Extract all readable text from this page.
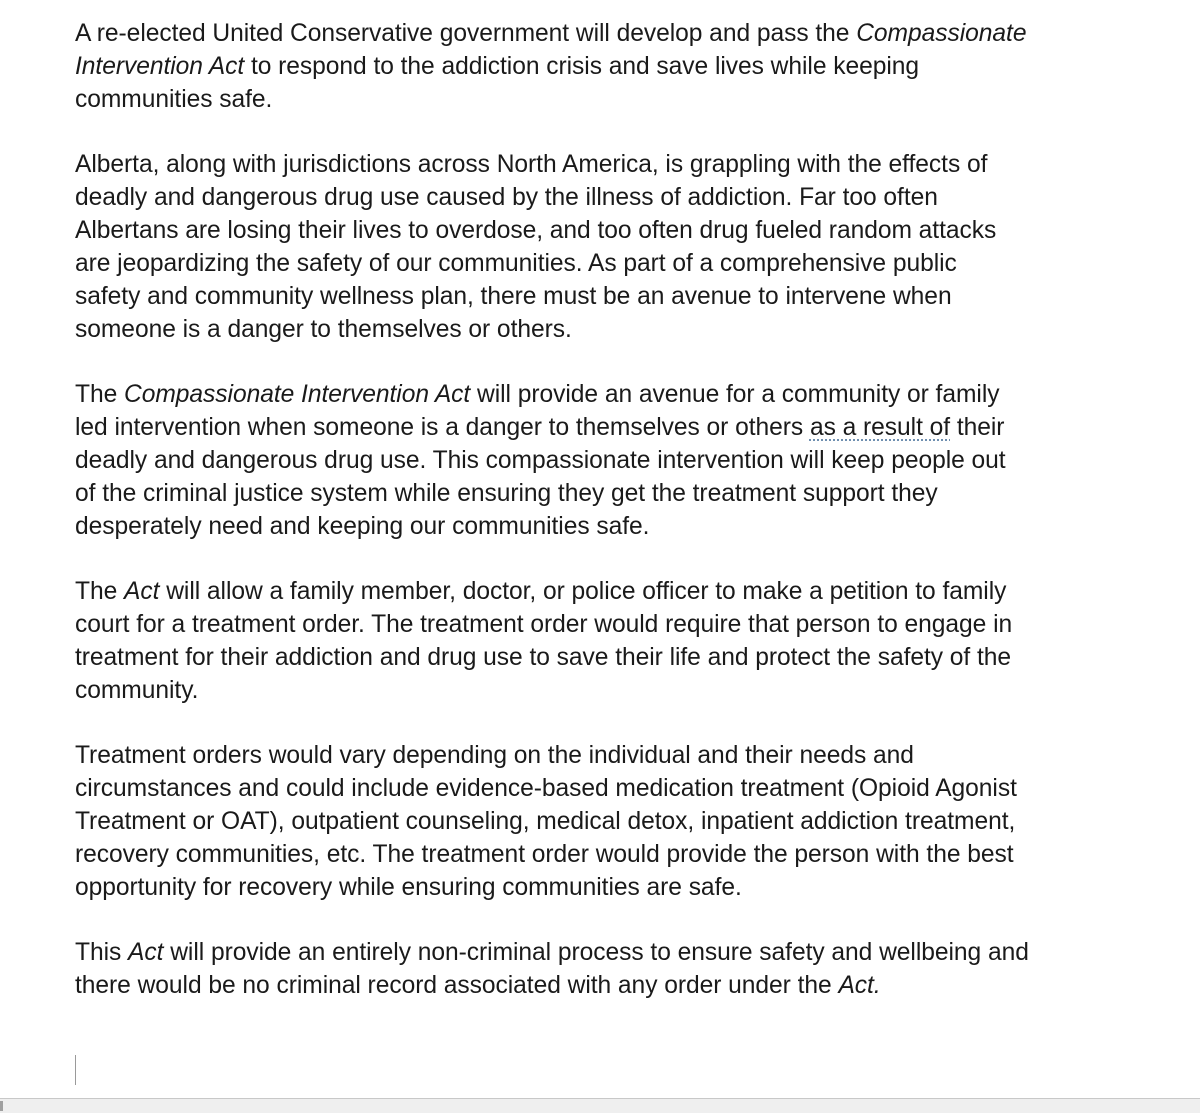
A re-elected United Conservative government will develop and pass the Compassionate
Intervention Act to respond to the addiction crisis and save lives while keeping
communities safe.

Alberta, along with jurisdictions across North America, is grappling with the effects of
deadly and dangerous drug use caused by the illness of addiction. Far too often
Albertans are losing their lives to overdose, and too often drug fueled random attacks
are jeopardizing the safety of our communities. As part of a comprehensive public
safety and community wellness plan, there must be an avenue to intervene when
someone is a danger to themselves or others.

The Compassionate Intervention Act will provide an avenue for a community or family
led intervention when someone is a danger to themselves or others as a result of their
deadly and dangerous drug use. This compassionate intervention will keep people out
of the criminal justice system while ensuring they get the treatment support they
desperately need and keeping our communities safe.

The Act will allow a family member, doctor, or police officer to make a petition to family
court for a treatment order. The treatment order would require that person to engage in
treatment for their addiction and drug use to save their life and protect the safety of the
community.

Treatment orders would vary depending on the individual and their needs and
circumstances and could include evidence-based medication treatment (Opioid Agonist
Treatment or OAT), outpatient counseling, medical detox, inpatient addiction treatment,
recovery communities, etc. The treatment order would provide the person with the best
opportunity for recovery while ensuring communities are safe.

This Act will provide an entirely non-criminal process to ensure safety and wellbeing and
there would be no criminal record associated with any order under the Act.
